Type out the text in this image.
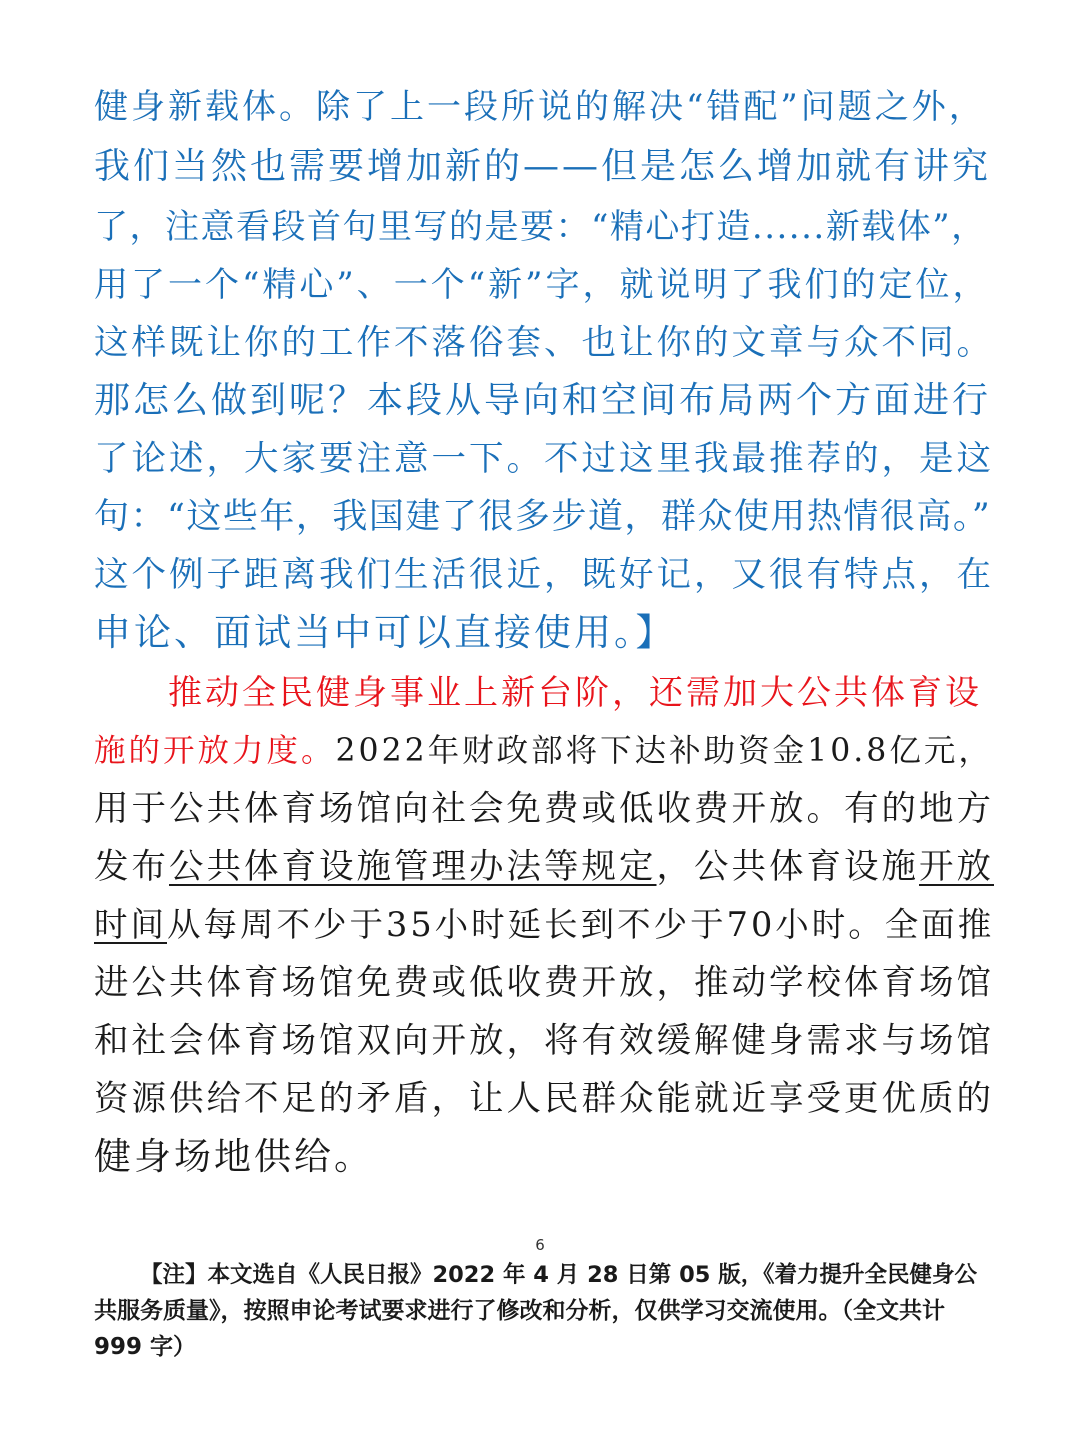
健身新载体。除了上一段所说的解决“错配”问题之外，
我们当然也需要增加新的——但是怎么增加就有讲究
了，注意看段首句里写的是要：“精心打造......新载体”，
用了一个“精心”、一个“新”字，就说明了我们的定位，
这样既让你的工作不落俗套、也让你的文章与众不同。
那怎么做到呢？本段从导向和空间布局两个方面进行
了论述，大家要注意一下。不过这里我最推荐的，是这
句：“这些年，我国建了很多步道，群众使用热情很高。”
这个例子距离我们生活很近，既好记，又很有特点，在
申论、面试当中可以直接使用。】
推动全民健身事业上新台阶，还需加大公共体育设
施的开放力度。2022年财政部将下达补助资金10.8亿元，
用于公共体育场馆向社会免费或低收费开放。有的地方
发布公共体育设施管理办法等规定，公共体育设施开放
时间从每周不少于35小时延长到不少于70小时。全面推
进公共体育场馆免费或低收费开放，推动学校体育场馆
和社会体育场馆双向开放，将有效缓解健身需求与场馆
资源供给不足的矛盾，让人民群众能就近享受更优质的
健身场地供给。
6
【注】本文选自《人民日报》2022 年 4 月 28 日第 05 版，《着力提升全民健身公
共服务质量》，按照申论考试要求进行了修改和分析，仅供学习交流使用。（全文共计
999 字）
